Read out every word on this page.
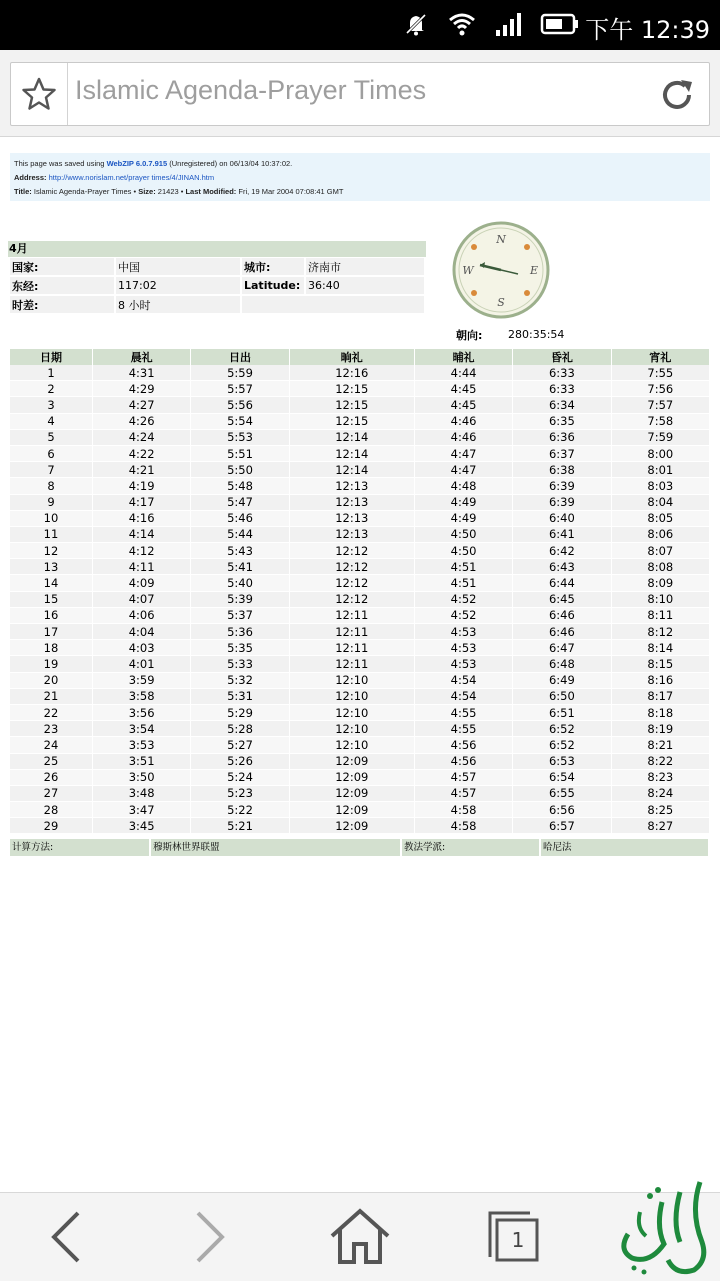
下午 12:39
Islamic Agenda-Prayer Times
This page was saved using WebZIP 6.0.7.915 (Unregistered) on 06/13/04 10:37:02.
Address: http://www.norislam.net/prayer times/4/JINAN.htm
Title: Islamic Agenda-Prayer Times • Size: 21423 • Last Modified: Fri, 19 Mar 2004 07:08:41 GMT
4月
国家:	中国	城市:	济南市
东经:	117:02	Latitude:	36:40
时差:	8 小时		
N
S
E
W
朝向: 280:35:54
日期	晨礼	日出	晌礼	晡礼	昏礼	宵礼
1	4:31	5:59	12:16	4:44	6:33	7:55
2	4:29	5:57	12:15	4:45	6:33	7:56
3	4:27	5:56	12:15	4:45	6:34	7:57
4	4:26	5:54	12:15	4:46	6:35	7:58
5	4:24	5:53	12:14	4:46	6:36	7:59
6	4:22	5:51	12:14	4:47	6:37	8:00
7	4:21	5:50	12:14	4:47	6:38	8:01
8	4:19	5:48	12:13	4:48	6:39	8:03
9	4:17	5:47	12:13	4:49	6:39	8:04
10	4:16	5:46	12:13	4:49	6:40	8:05
11	4:14	5:44	12:13	4:50	6:41	8:06
12	4:12	5:43	12:12	4:50	6:42	8:07
13	4:11	5:41	12:12	4:51	6:43	8:08
14	4:09	5:40	12:12	4:51	6:44	8:09
15	4:07	5:39	12:12	4:52	6:45	8:10
16	4:06	5:37	12:11	4:52	6:46	8:11
17	4:04	5:36	12:11	4:53	6:46	8:12
18	4:03	5:35	12:11	4:53	6:47	8:14
19	4:01	5:33	12:11	4:53	6:48	8:15
20	3:59	5:32	12:10	4:54	6:49	8:16
21	3:58	5:31	12:10	4:54	6:50	8:17
22	3:56	5:29	12:10	4:55	6:51	8:18
23	3:54	5:28	12:10	4:55	6:52	8:19
24	3:53	5:27	12:10	4:56	6:52	8:21
25	3:51	5:26	12:09	4:56	6:53	8:22
26	3:50	5:24	12:09	4:57	6:54	8:23
27	3:48	5:23	12:09	4:57	6:55	8:24
28	3:47	5:22	12:09	4:58	6:56	8:25
29	3:45	5:21	12:09	4:58	6:57	8:27
计算方法:	穆斯林世界联盟	教法学派:	哈尼法
1
